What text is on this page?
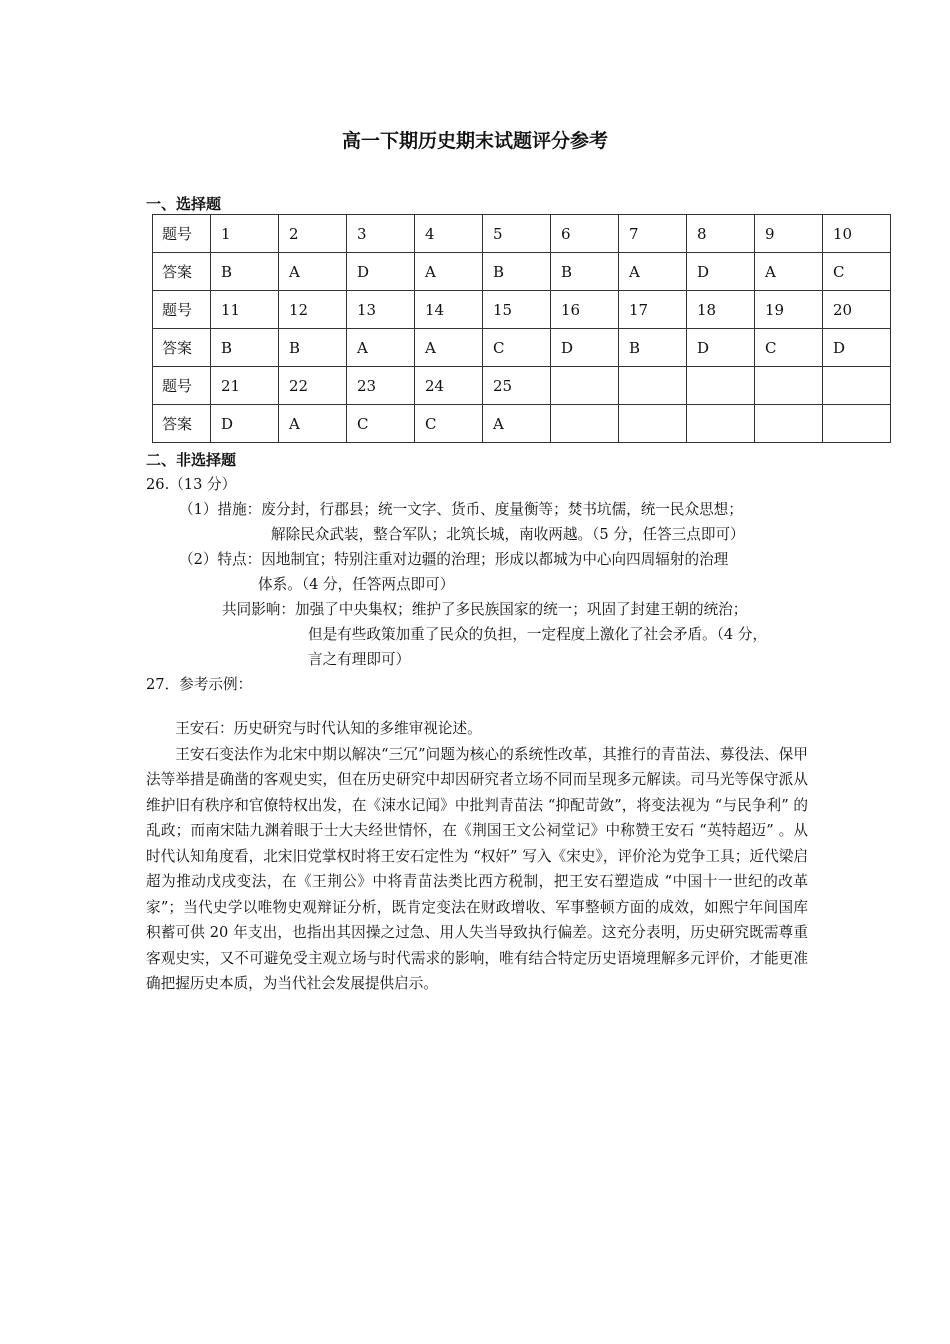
高一下期历史期末试题评分参考
一、选择题
题号	1	2	3	4	5	6	7	8	9	10
答案	B	A	D	A	B	B	A	D	A	C
题号	11	12	13	14	15	16	17	18	19	20
答案	B	B	A	A	C	D	B	D	C	D
题号	21	22	23	24	25					
答案	D	A	C	C	A					
二、非选择题
26.（13 分）
（1）措施：废分封，行郡县；统一文字、货币、度量衡等；焚书坑儒，统一民众思想；
解除民众武装，整合军队；北筑长城，南收两越。（5 分，任答三点即可）
（2）特点：因地制宜；特别注重对边疆的治理；形成以都城为中心向四周辐射的治理
体系。（4 分，任答两点即可）
共同影响：加强了中央集权；维护了多民族国家的统一；巩固了封建王朝的统治；
但是有些政策加重了民众的负担，一定程度上激化了社会矛盾。（4 分，
言之有理即可）
27．参考示例：

王安石：历史研究与时代认知的多维审视论述。

王安石变法作为北宋中期以解决“三冗”问题为核心的系统性改革，其推行的青苗法、募役法、保甲法等举措是确凿的客观史实，但在历史研究中却因研究者立场不同而呈现多元解读。司马光等保守派从维护旧有秩序和官僚特权出发，在《涑水记闻》中批判青苗法 “抑配苛敛”，将变法视为 “与民争利” 的乱政；而南宋陆九渊着眼于士大夫经世情怀，在《荆国王文公祠堂记》中称赞王安石 “英特超迈” 。从时代认知角度看，北宋旧党掌权时将王安石定性为 “权奸” 写入《宋史》，评价沦为党争工具；近代梁启超为推动戊戌变法，在《王荆公》中将青苗法类比西方税制，把王安石塑造成 “中国十一世纪的改革家”；当代史学以唯物史观辩证分析，既肯定变法在财政增收、军事整顿方面的成效，如熙宁年间国库积蓄可供 20 年支出，也指出其因操之过急、用人失当导致执行偏差。这充分表明，历史研究既需尊重客观史实，又不可避免受主观立场与时代需求的影响，唯有结合特定历史语境理解多元评价，才能更准确把握历史本质，为当代社会发展提供启示。
